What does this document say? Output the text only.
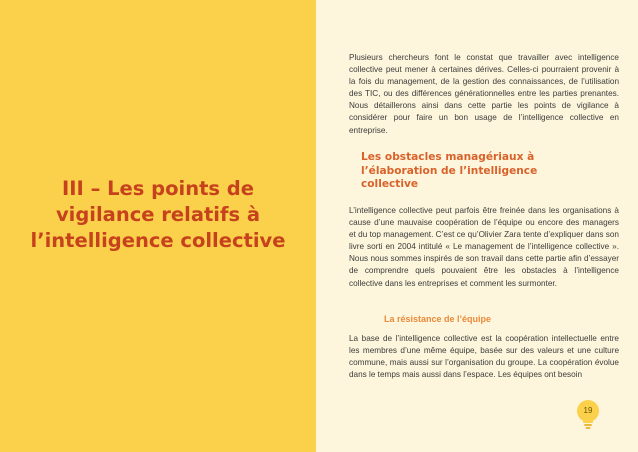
III – Les points de vigilance relatifs à l’intelligence collective

Plusieurs chercheurs font le constat que travailler avec intelligence collective peut mener à certaines dérives. Celles-ci pourraient provenir à la fois du management, de la gestion des connaissances, de l’utilisation des TIC, ou des différences générationnelles entre les parties prenantes. Nous détaillerons ainsi dans cette partie les points de vigilance à considérer pour faire un bon usage de l’intelligence collective en entreprise.

Les obstacles managériaux à l’élaboration de l’intelligence collective

L’intelligence collective peut parfois être freinée dans les organisations à cause d’une mauvaise coopération de l’équipe ou encore des managers et du top management. C’est ce qu’Olivier Zara tente d’expliquer dans son livre sorti en 2004 intitulé « Le management de l’intelligence collective ». Nous nous sommes inspirés de son travail dans cette partie afin d’essayer de comprendre quels pouvaient être les obstacles à l’intelligence collective dans les entreprises et comment les surmonter.

La résistance de l’équipe

La base de l’intelligence collective est la coopération intellectuelle entre les membres d’une même équipe, basée sur des valeurs et une culture commune, mais aussi sur l’organisation du groupe. La coopération évolue dans le temps mais aussi dans l’espace. Les équipes ont besoin

19
